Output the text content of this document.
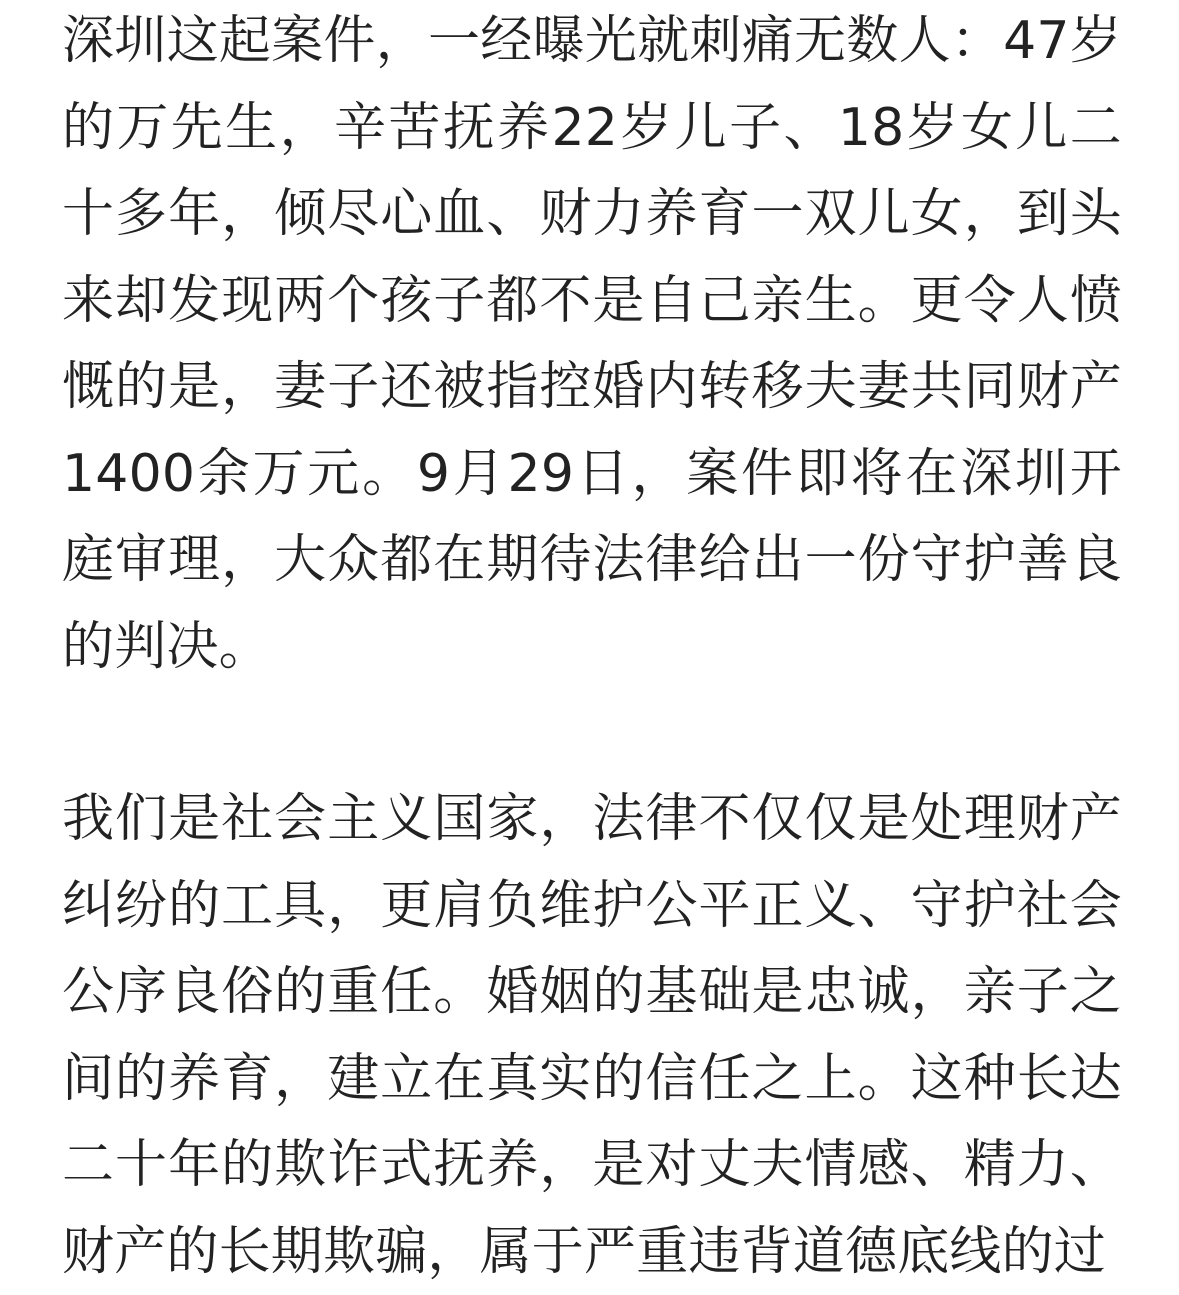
深圳这起案件，一经曝光就刺痛无数人：47岁的万先生，辛苦抚养22岁儿子、18岁女儿二十多年，倾尽心血、财力养育一双儿女，到头来却发现两个孩子都不是自己亲生。更令人愤慨的是，妻子还被指控婚内转移夫妻共同财产1400余万元。9月29日，案件即将在深圳开庭审理，大众都在期待法律给出一份守护善良的判决。

我们是社会主义国家，法律不仅仅是处理财产纠纷的工具，更肩负维护公平正义、守护社会公序良俗的重任。婚姻的基础是忠诚，亲子之间的养育，建立在真实的信任之上。这种长达二十年的欺诈式抚养，是对丈夫情感、精力、财产的长期欺骗，属于严重违背道德底线的过
